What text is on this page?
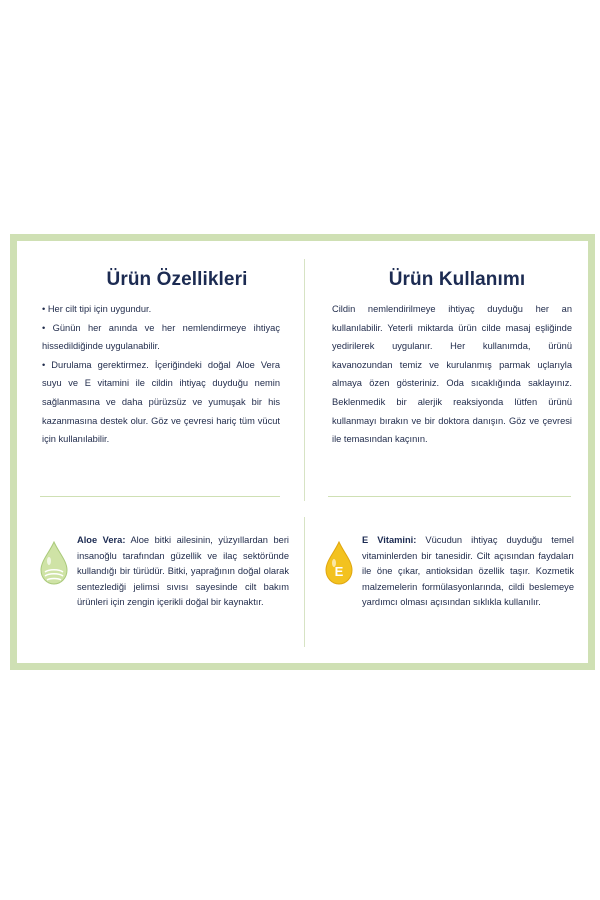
Ürün Özellikleri	Ürün Kullanımı

• Her cilt tipi için uygundur.

• Günün her anında ve her nemlendirmeye ihtiyaç hissedildiğinde uygulanabilir.

• Durulama gerektirmez. İçeriğindeki doğal Aloe Vera suyu ve E vitamini ile cildin ihtiyaç duyduğu nemin sağlanmasına ve daha pürüzsüz ve yumuşak bir his kazanmasına destek olur. Göz ve çevresi hariç tüm vücut için kullanılabilir.

Cildin nemlendirilmeye ihtiyaç duyduğu her an kullanılabilir. Yeterli miktarda ürün cilde masaj eşliğinde yedirilerek uygulanır. Her kullanımda, ürünü kavanozundan temiz ve kurulanmış parmak uçlarıyla almaya özen gösteriniz. Oda sıcaklığında saklayınız. Beklenmedik bir alerjik reaksiyonda lütfen ürünü kullanmayı bırakın ve bir doktora danışın. Göz ve çevresi ile temasından kaçının.

Aloe Vera: Aloe bitki ailesinin, yüzyıllardan beri insanoğlu tarafından güzellik ve ilaç sektöründe kullandığı bir türüdür. Bitki, yaprağının doğal olarak sentezlediği jelimsi sıvısı sayesinde cilt bakım ürünleri için zengin içerikli doğal bir kaynaktır.
E
E Vitamini: Vücudun ihtiyaç duyduğu temel vitaminlerden bir tanesidir. Cilt açısından faydaları ile öne çıkar, antioksidan özellik taşır. Kozmetik malzemelerin formülasyonlarında, cildi beslemeye yardımcı olması açısından sıklıkla kullanılır.
